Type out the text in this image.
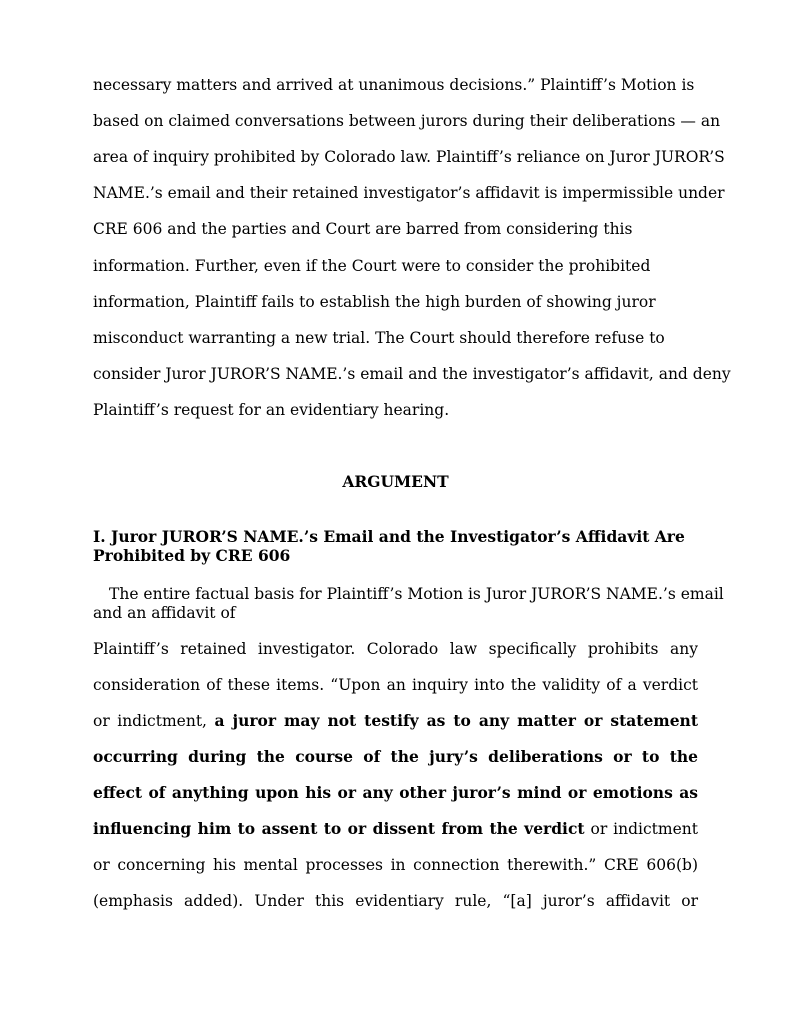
necessary matters and arrived at unanimous decisions.” Plaintiff’s Motion is
based on claimed conversations between jurors during their deliberations — an
area of inquiry prohibited by Colorado law. Plaintiff’s reliance on Juror JUROR’S
NAME.’s email and their retained investigator’s affidavit is impermissible under
CRE 606 and the parties and Court are barred from considering this
information. Further, even if the Court were to consider the prohibited
information, Plaintiff fails to establish the high burden of showing juror
misconduct warranting a new trial. The Court should therefore refuse to
consider Juror JUROR’S NAME.’s email and the investigator’s affidavit, and deny
Plaintiff’s request for an evidentiary hearing.
ARGUMENT
I. Juror JUROR’S NAME.’s Email and the Investigator’s Affidavit Are Prohibited by CRE 606
The entire factual basis for Plaintiff’s Motion is Juror JUROR’S NAME.’s email
and an affidavit of
Plaintiff’s retained investigator. Colorado law specifically prohibits any
consideration of these items. “Upon an inquiry into the validity of a verdict
or indictment, a juror may not testify as to any matter or statement
occurring during the course of the jury’s deliberations or to the
effect of anything upon his or any other juror’s mind or emotions as
influencing him to assent to or dissent from the verdict or indictment
or concerning his mental processes in connection therewith.” CRE 606(b)
(emphasis added). Under this evidentiary rule, “[a] juror’s affidavit or
